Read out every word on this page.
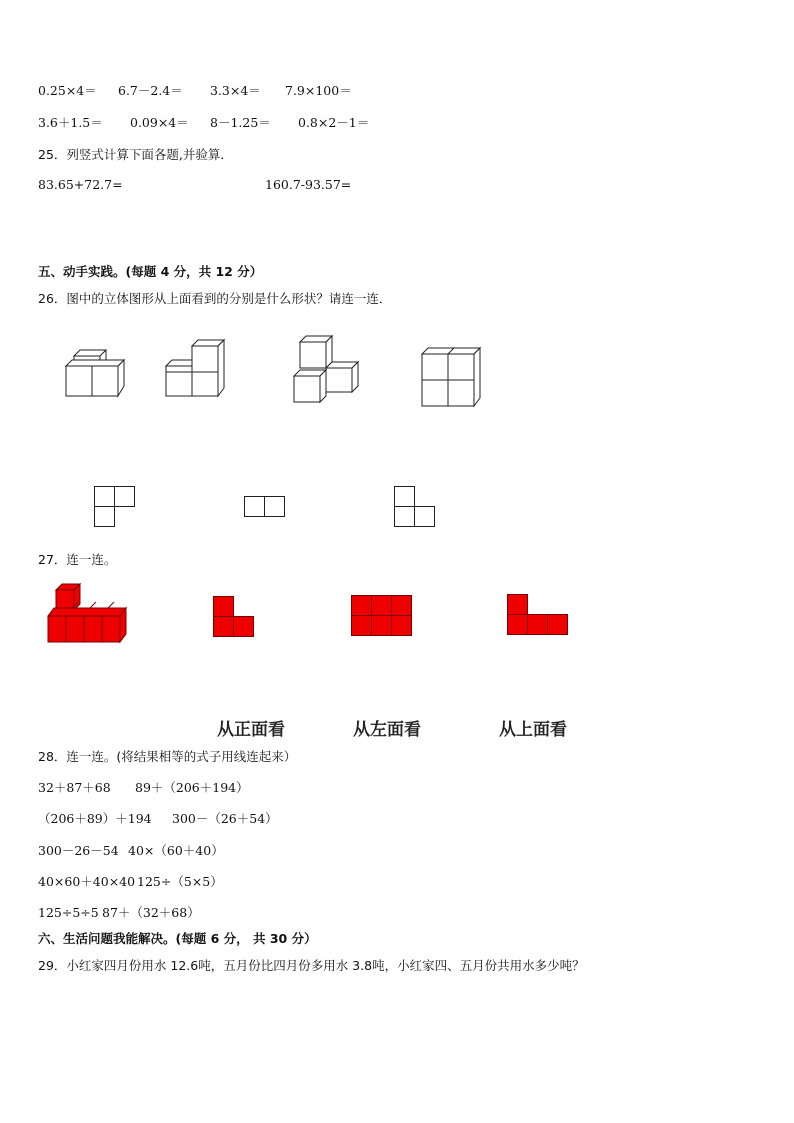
0.25×4＝ 6.7－2.4＝ 3.3×4＝ 7.9×100＝
3.6＋1.5＝ 0.09×4＝ 8－1.25＝ 0.8×2－1＝
25．列竖式计算下面各题,并验算．
83.65+72.7=	160.7-93.57=
五、动手实践。(每题 4 分，共 12 分）
26．图中的立体图形从上面看到的分别是什么形状？请连一连．
27．连一连。
从正面看	从左面看	从上面看
28．连一连。(将结果相等的式子用线连起来）
32＋87＋68 89＋（206＋194）
（206＋89）＋194 300－（26＋54）
300－26－54 40×（60＋40）
40×60＋40×40 125÷（5×5）
125÷5÷5 87＋（32＋68）
六、生活问题我能解决。(每题 6 分， 共 30 分）
29．小红家四月份用水 12.6吨，五月份比四月份多用水 3.8吨，小红家四、五月份共用水多少吨？
